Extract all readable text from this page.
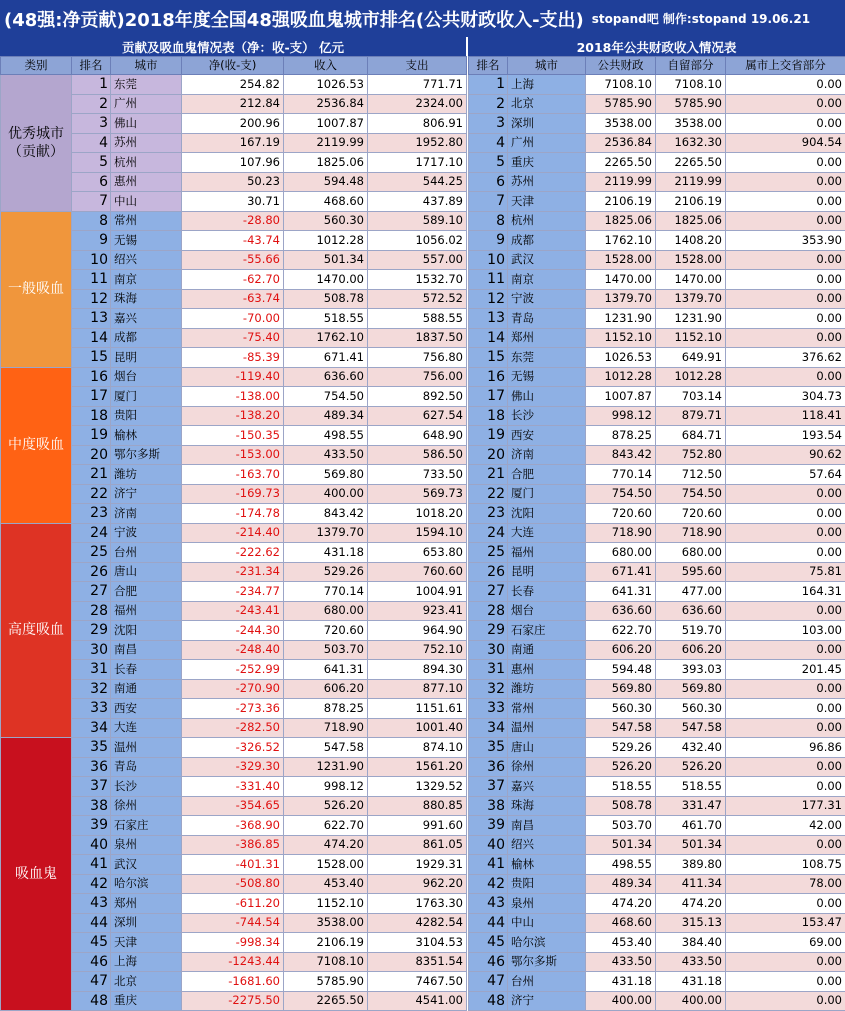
(48强:净贡献)2018年度全国48强吸血鬼城市排名(公共财政收入-支出) stopand吧 制作:stopand 19.06.21
贡献及吸血鬼情况表（净：收-支） 亿元	2018年公共财政收入情况表
类别	排名	城市	净(收-支)	收入	支出
优秀城市（贡献）	1	东莞	254.82	1026.53	771.71
	2	广州	212.84	2536.84	2324.00
	3	佛山	200.96	1007.87	806.91
	4	苏州	167.19	2119.99	1952.80
	5	杭州	107.96	1825.06	1717.10
	6	惠州	50.23	594.48	544.25
	7	中山	30.71	468.60	437.89
一般吸血	8	常州	-28.80	560.30	589.10
	9	无锡	-43.74	1012.28	1056.02
	10	绍兴	-55.66	501.34	557.00
	11	南京	-62.70	1470.00	1532.70
	12	珠海	-63.74	508.78	572.52
	13	嘉兴	-70.00	518.55	588.55
	14	成都	-75.40	1762.10	1837.50
	15	昆明	-85.39	671.41	756.80
中度吸血	16	烟台	-119.40	636.60	756.00
	17	厦门	-138.00	754.50	892.50
	18	贵阳	-138.20	489.34	627.54
	19	榆林	-150.35	498.55	648.90
	20	鄂尔多斯	-153.00	433.50	586.50
	21	潍坊	-163.70	569.80	733.50
	22	济宁	-169.73	400.00	569.73
	23	济南	-174.78	843.42	1018.20
高度吸血	24	宁波	-214.40	1379.70	1594.10
	25	台州	-222.62	431.18	653.80
	26	唐山	-231.34	529.26	760.60
	27	合肥	-234.77	770.14	1004.91
	28	福州	-243.41	680.00	923.41
	29	沈阳	-244.30	720.60	964.90
	30	南昌	-248.40	503.70	752.10
	31	长春	-252.99	641.31	894.30
	32	南通	-270.90	606.20	877.10
	33	西安	-273.36	878.25	1151.61
	34	大连	-282.50	718.90	1001.40
吸血鬼	35	温州	-326.52	547.58	874.10
	36	青岛	-329.30	1231.90	1561.20
	37	长沙	-331.40	998.12	1329.52
	38	徐州	-354.65	526.20	880.85
	39	石家庄	-368.90	622.70	991.60
	40	泉州	-386.85	474.20	861.05
	41	武汉	-401.31	1528.00	1929.31
	42	哈尔滨	-508.80	453.40	962.20
	43	郑州	-611.20	1152.10	1763.30
	44	深圳	-744.54	3538.00	4282.54
	45	天津	-998.34	2106.19	3104.53
	46	上海	-1243.44	7108.10	8351.54
	47	北京	-1681.60	5785.90	7467.50
	48	重庆	-2275.50	2265.50	4541.00
排名	城市	公共财政	自留部分	属市上交省部分
1	上海	7108.10	7108.10	0.00
2	北京	5785.90	5785.90	0.00
3	深圳	3538.00	3538.00	0.00
4	广州	2536.84	1632.30	904.54
5	重庆	2265.50	2265.50	0.00
6	苏州	2119.99	2119.99	0.00
7	天津	2106.19	2106.19	0.00
8	杭州	1825.06	1825.06	0.00
9	成都	1762.10	1408.20	353.90
10	武汉	1528.00	1528.00	0.00
11	南京	1470.00	1470.00	0.00
12	宁波	1379.70	1379.70	0.00
13	青岛	1231.90	1231.90	0.00
14	郑州	1152.10	1152.10	0.00
15	东莞	1026.53	649.91	376.62
16	无锡	1012.28	1012.28	0.00
17	佛山	1007.87	703.14	304.73
18	长沙	998.12	879.71	118.41
19	西安	878.25	684.71	193.54
20	济南	843.42	752.80	90.62
21	合肥	770.14	712.50	57.64
22	厦门	754.50	754.50	0.00
23	沈阳	720.60	720.60	0.00
24	大连	718.90	718.90	0.00
25	福州	680.00	680.00	0.00
26	昆明	671.41	595.60	75.81
27	长春	641.31	477.00	164.31
28	烟台	636.60	636.60	0.00
29	石家庄	622.70	519.70	103.00
30	南通	606.20	606.20	0.00
31	惠州	594.48	393.03	201.45
32	潍坊	569.80	569.80	0.00
33	常州	560.30	560.30	0.00
34	温州	547.58	547.58	0.00
35	唐山	529.26	432.40	96.86
36	徐州	526.20	526.20	0.00
37	嘉兴	518.55	518.55	0.00
38	珠海	508.78	331.47	177.31
39	南昌	503.70	461.70	42.00
40	绍兴	501.34	501.34	0.00
41	榆林	498.55	389.80	108.75
42	贵阳	489.34	411.34	78.00
43	泉州	474.20	474.20	0.00
44	中山	468.60	315.13	153.47
45	哈尔滨	453.40	384.40	69.00
46	鄂尔多斯	433.50	433.50	0.00
47	台州	431.18	431.18	0.00
48	济宁	400.00	400.00	0.00
